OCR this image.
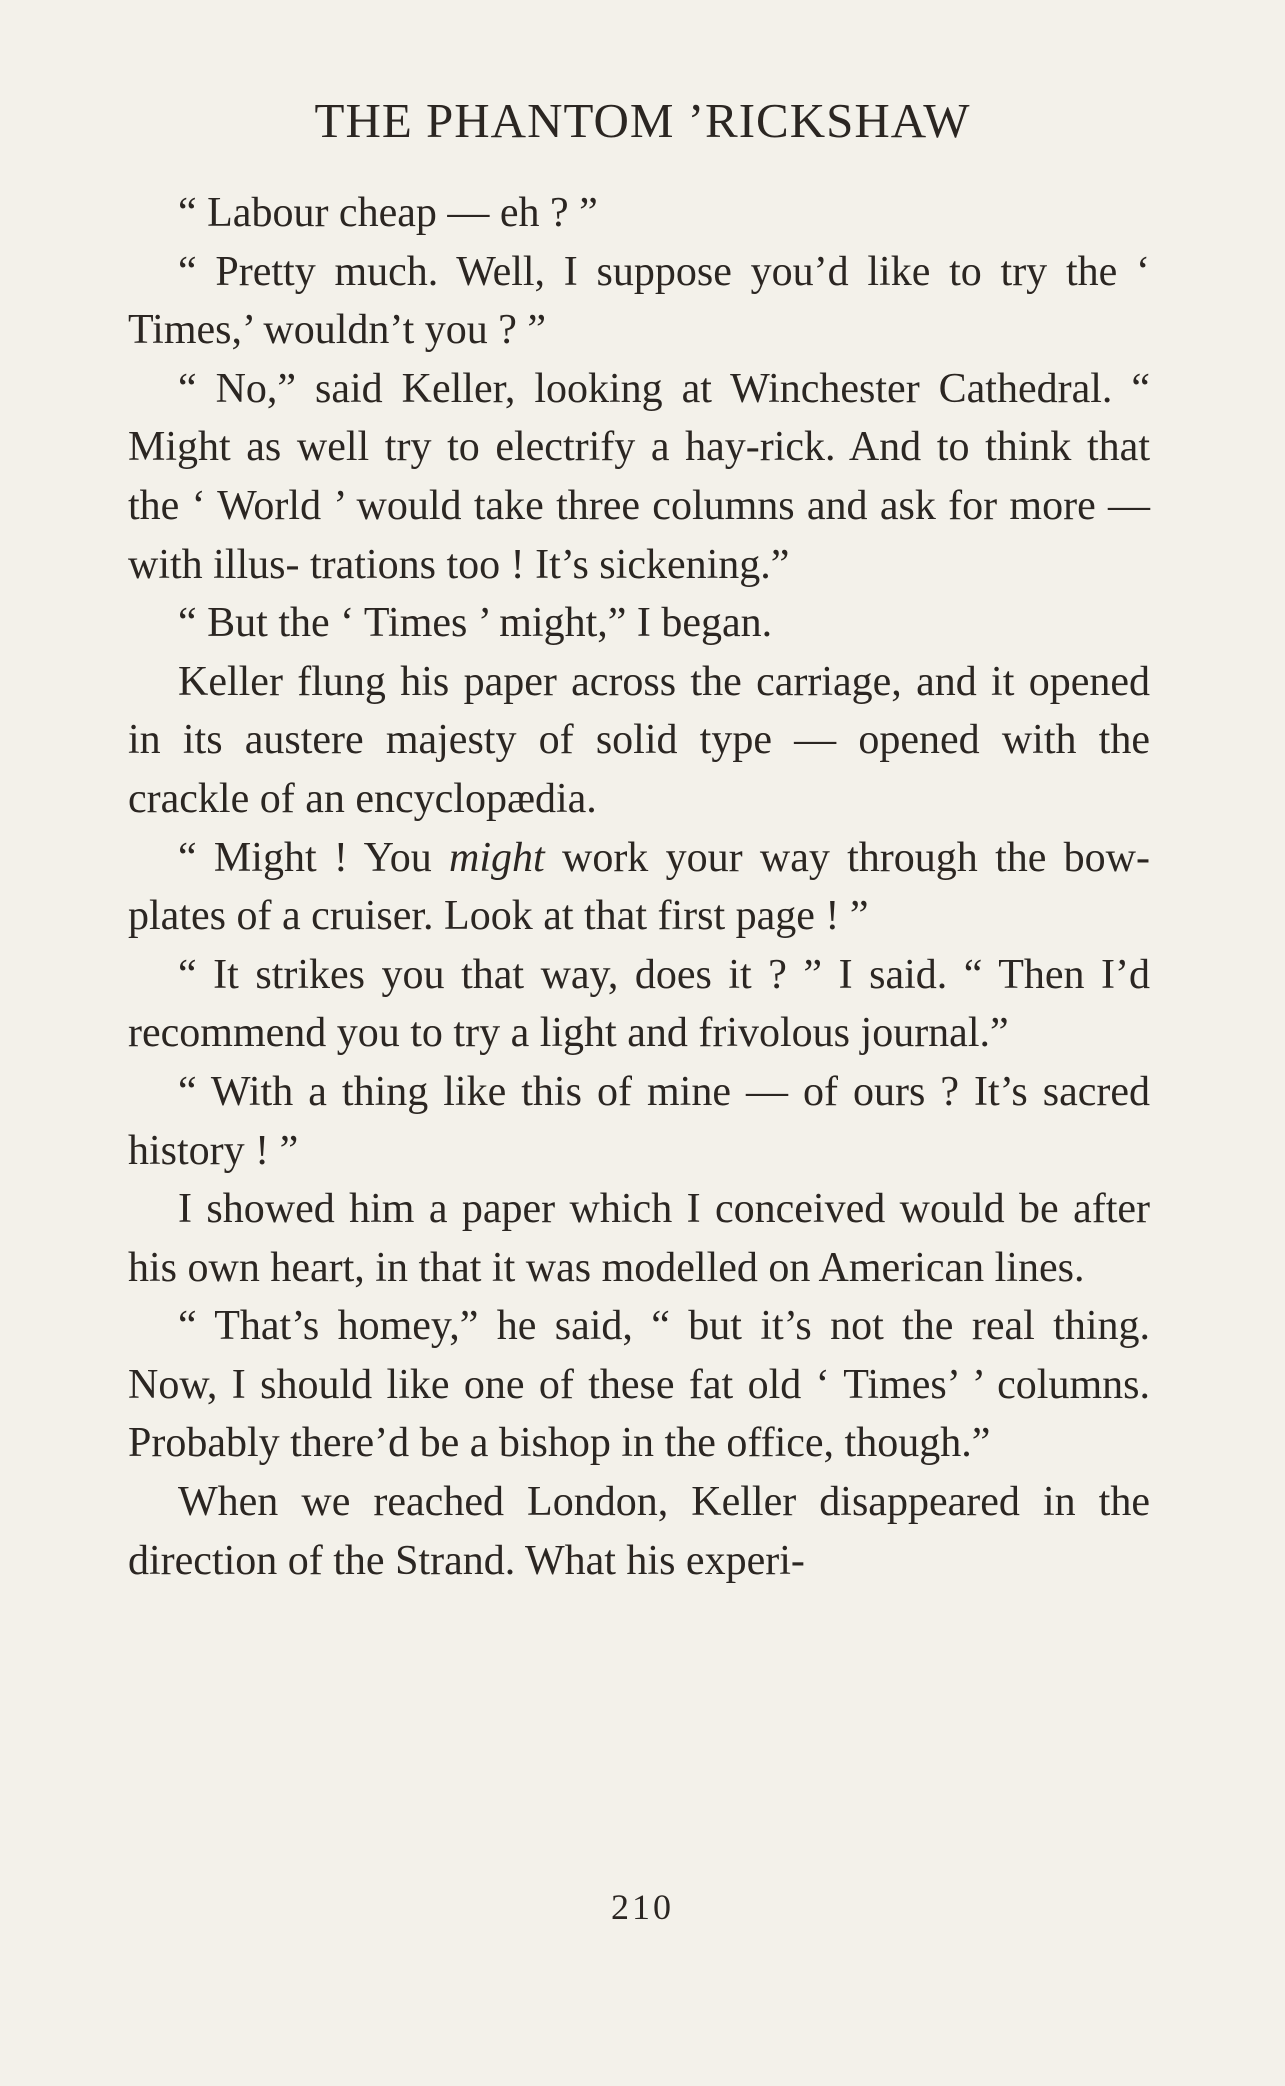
THE PHANTOM ’RICKSHAW

“ Labour cheap — eh ? ”

“ Pretty much. Well, I suppose you’d like to try the ‘ Times,’ wouldn’t you ? ”

“ No,” said Keller, looking at Winchester Cathedral. “ Might as well try to electrify a hay-rick. And to think that the ‘ World ’ would take three columns and ask for more — with illus- trations too ! It’s sickening.”

“ But the ‘ Times ’ might,” I began.

Keller flung his paper across the carriage, and it opened in its austere majesty of solid type — opened with the crackle of an encyclopædia.

“ Might ! You might work your way through the bow-plates of a cruiser. Look at that first page ! ”

“ It strikes you that way, does it ? ” I said. “ Then I’d recommend you to try a light and frivolous journal.”

“ With a thing like this of mine — of ours ? It’s sacred history ! ”

I showed him a paper which I conceived would be after his own heart, in that it was modelled on American lines.

“ That’s homey,” he said, “ but it’s not the real thing. Now, I should like one of these fat old ‘ Times’ ’ columns. Probably there’d be a bishop in the office, though.”

When we reached London, Keller disappeared in the direction of the Strand. What his experi-

210
